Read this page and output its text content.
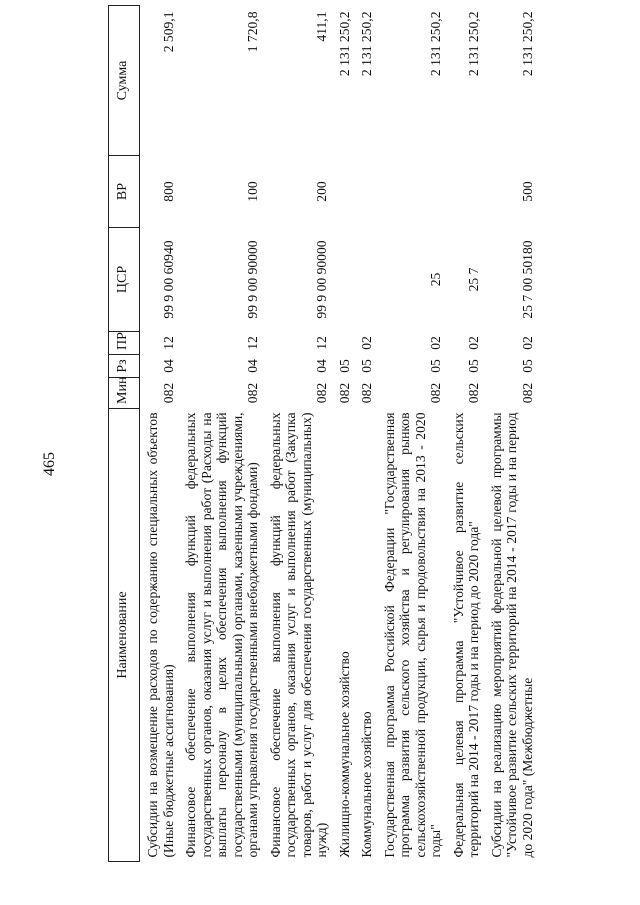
465
Наименование	Мин	Рз	ПР	ЦСР	ВР	Сумма
Субсидии на возмещение расходов по содержанию специальных объектов (Иные бюджетные ассигнования)	082	04	12	99 9 00 60940	800	2 509,1
Финансовое обеспечение выполнения функций федеральных государственных органов, оказания услуг и выполнения работ (Расходы на выплаты персоналу в целях обеспечения выполнения функций государственными (муниципальными) органами, казенными учреждениями, органами управления государственными внебюджетными фондами)	082	04	12	99 9 00 90000	100	1 720,8
Финансовое обеспечение выполнения функций федеральных государственных органов, оказания услуг и выполнения работ (Закупка товаров, работ и услуг для обеспечения государственных (муниципальных) нужд)	082	04	12	99 9 00 90000	200	411,1
Жилищно-коммунальное хозяйство	082	05				2 131 250,2
Коммунальное хозяйство	082	05	02			2 131 250,2
Государственная программа Российской Федерации "Государственная программа развития сельского хозяйства и регулирования рынков сельскохозяйственной продукции, сырья и продовольствия на 2013 - 2020 годы"	082	05	02	25		2 131 250,2
Федеральная целевая программа "Устойчивое развитие сельских территорий на 2014 - 2017 годы и на период до 2020 года"	082	05	02	25 7		2 131 250,2
Субсидии на реализацию мероприятий федеральной целевой программы "Устойчивое развитие сельских территорий на 2014 - 2017 годы и на период до 2020 года" (Межбюджетные	082	05	02	25 7 00 50180	500	2 131 250,2
